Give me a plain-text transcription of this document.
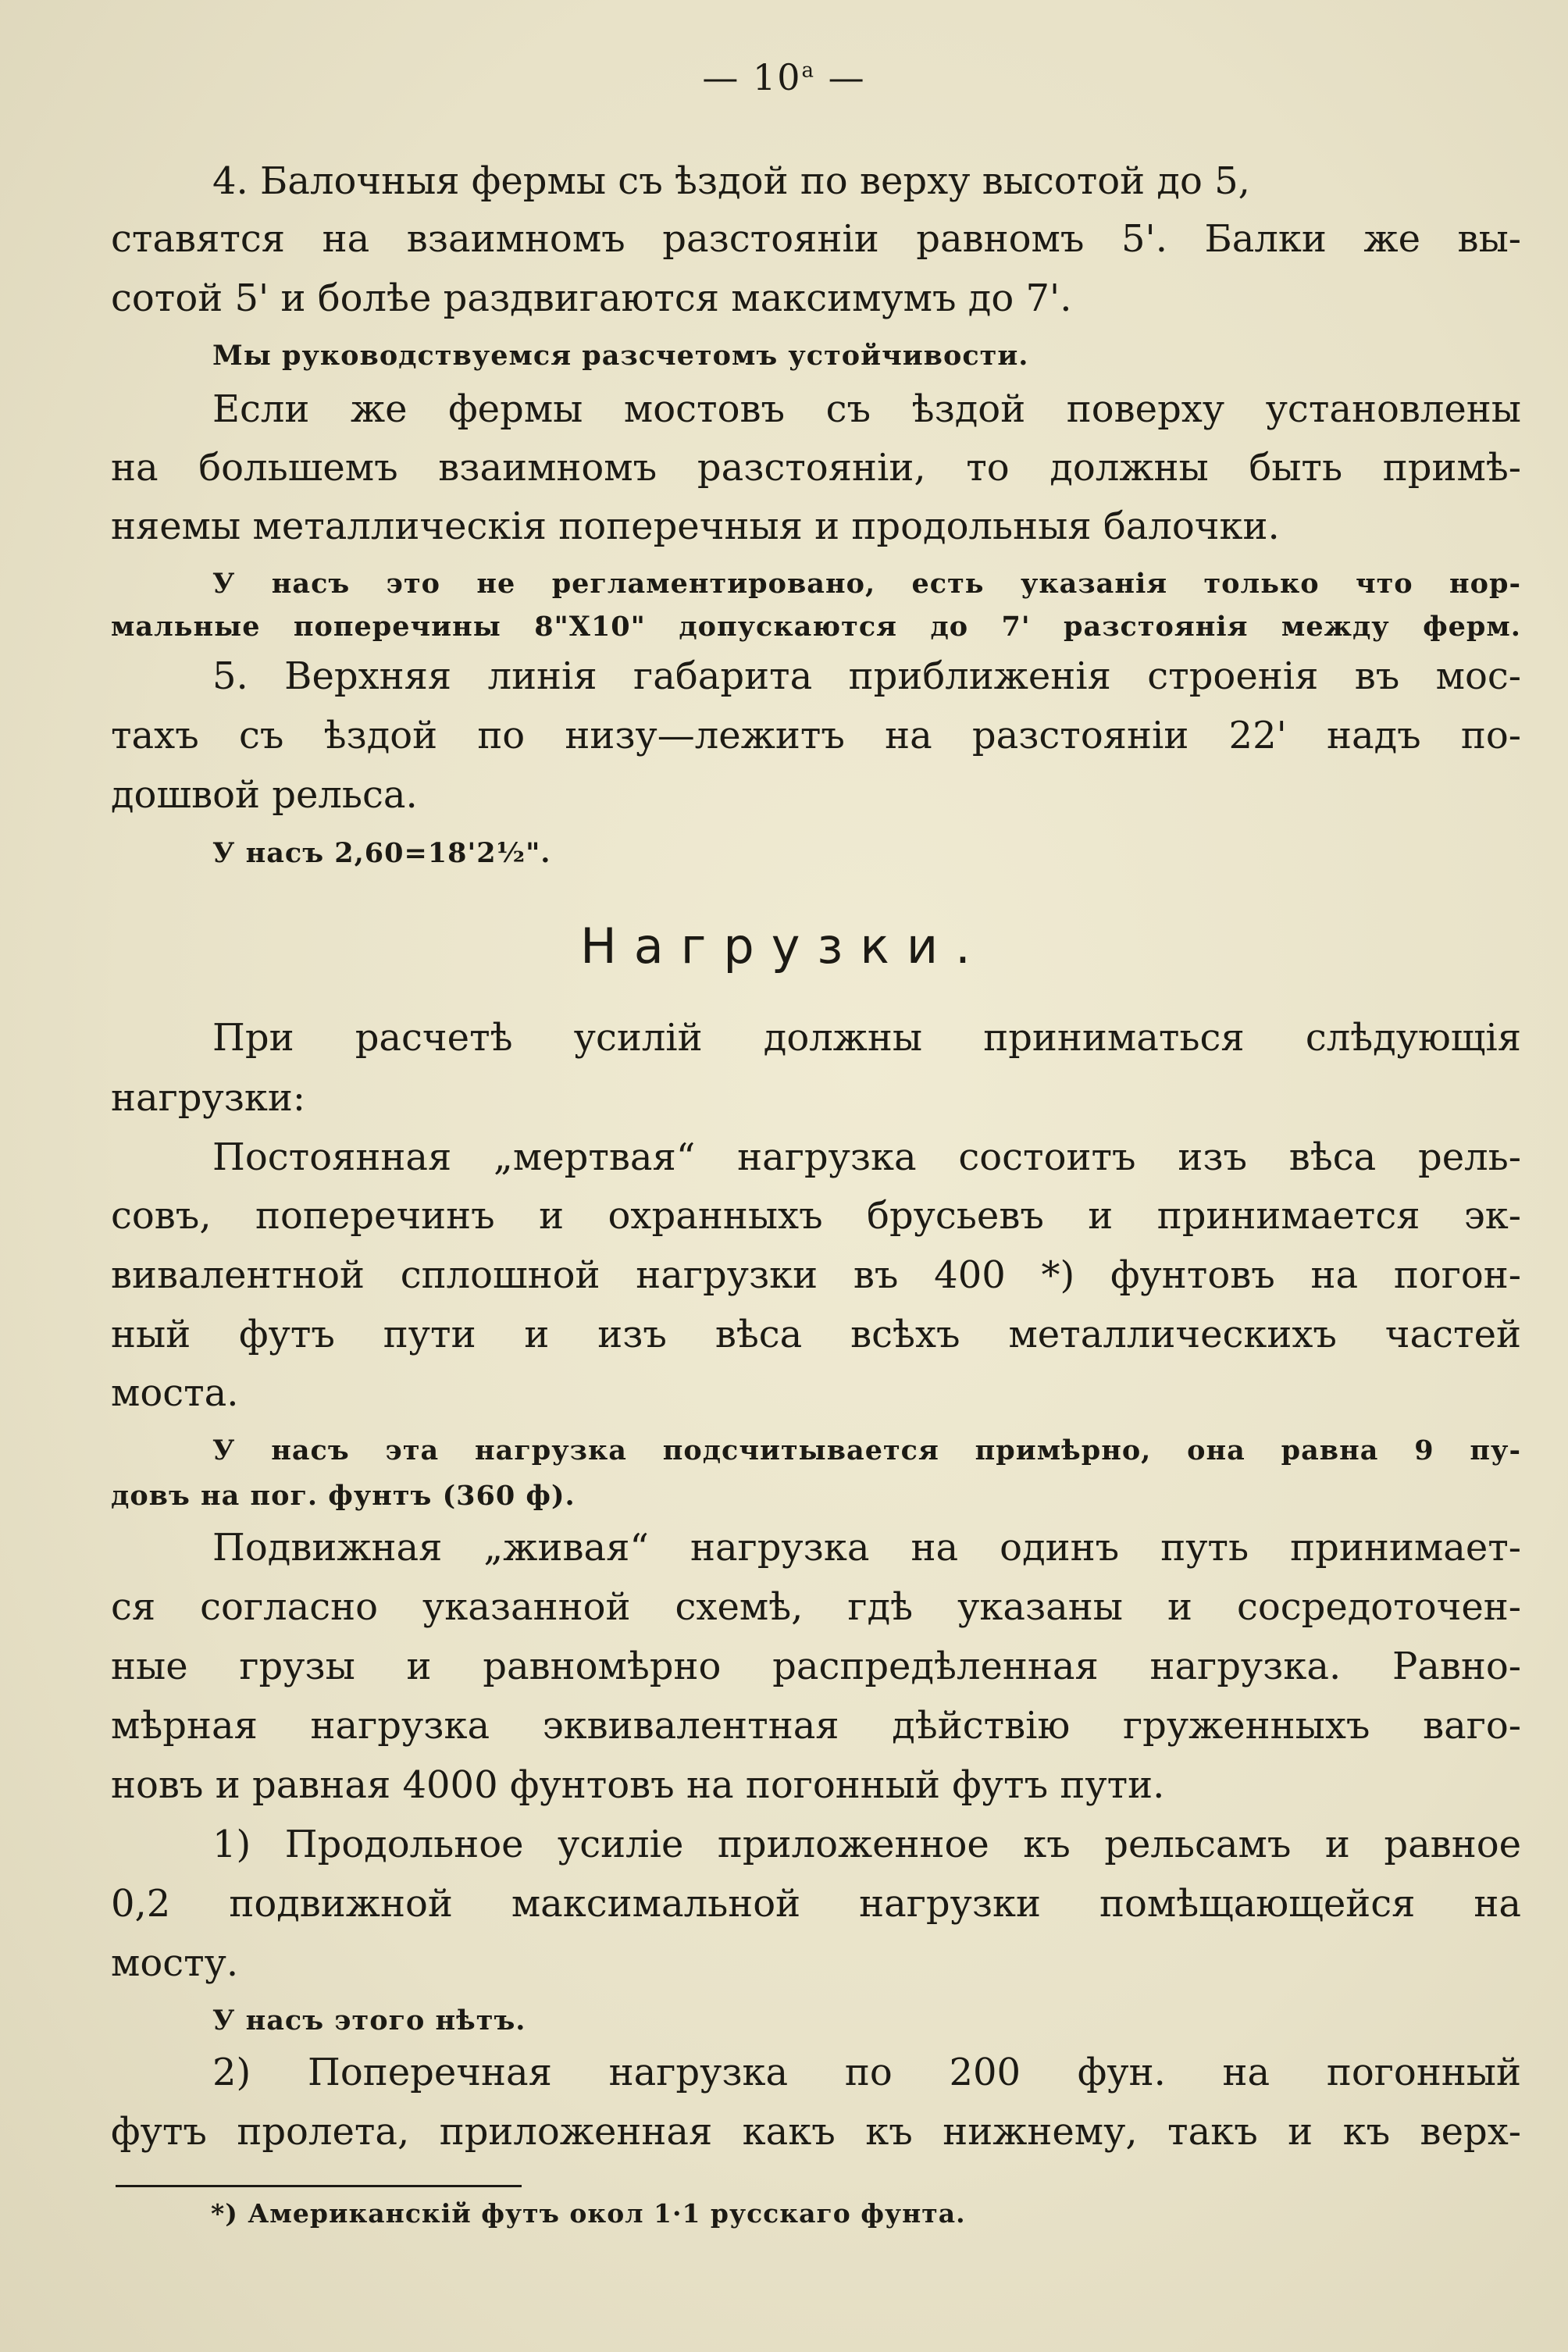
— $10^а$ —
4. Балочныя фермы съ ѣздой по верху высотой до 5,
ставятся на взаимномъ разстояніи равномъ 5'. Балки же вы-
сотой 5' и болѣе раздвигаются максимумъ до 7'.
Мы руководствуемся разсчетомъ устойчивости.
Если же фермы мостовъ съ ѣздой поверху установлены
на большемъ взаимномъ разстояніи, то должны быть примѣ-
няемы металлическія поперечныя и продольныя балочки.
У насъ это не регламентировано, есть указанія только что нор-
мальные поперечины 8"X10" допускаются до 7' разстоянія между ферм.
5. Верхняя линія габарита приближенія строенія въ мос-
тахъ съ ѣздой по низу—лежитъ на разстояніи 22' надъ по-
дошвой рельса.
У насъ 2,60=18'2½".
Нагрузки.
При расчетѣ усилій должны приниматься слѣдующія
нагрузки:
Постоянная „мертвая“ нагрузка состоитъ изъ вѣса рель-
совъ, поперечинъ и охранныхъ брусьевъ и принимается эк-
вивалентной сплошной нагрузки въ 400 *) фунтовъ на погон-
ный футъ пути и изъ вѣса всѣхъ металлическихъ частей
моста.
У насъ эта нагрузка подсчитывается примѣрно, она равна 9 пу-
довъ на пог. фунтъ (360 ф).
Подвижная „живая“ нагрузка на одинъ путь принимает-
ся согласно указанной схемѣ, гдѣ указаны и сосредоточен-
ные грузы и равномѣрно распредѣленная нагрузка. Равно-
мѣрная нагрузка эквивалентная дѣйствію груженныхъ ваго-
новъ и равная 4000 фунтовъ на погонный футъ пути.
1) Продольное усиліе приложенное къ рельсамъ и равное
0,2 подвижной максимальной нагрузки помѣщающейся на
мосту.
У насъ этого нѣтъ.
2) Поперечная нагрузка по 200 фун. на погонный
футъ пролета, приложенная какъ къ нижнему, такъ и къ верх-
*) Американскій футъ окол 1·1 русскаго фунта.
